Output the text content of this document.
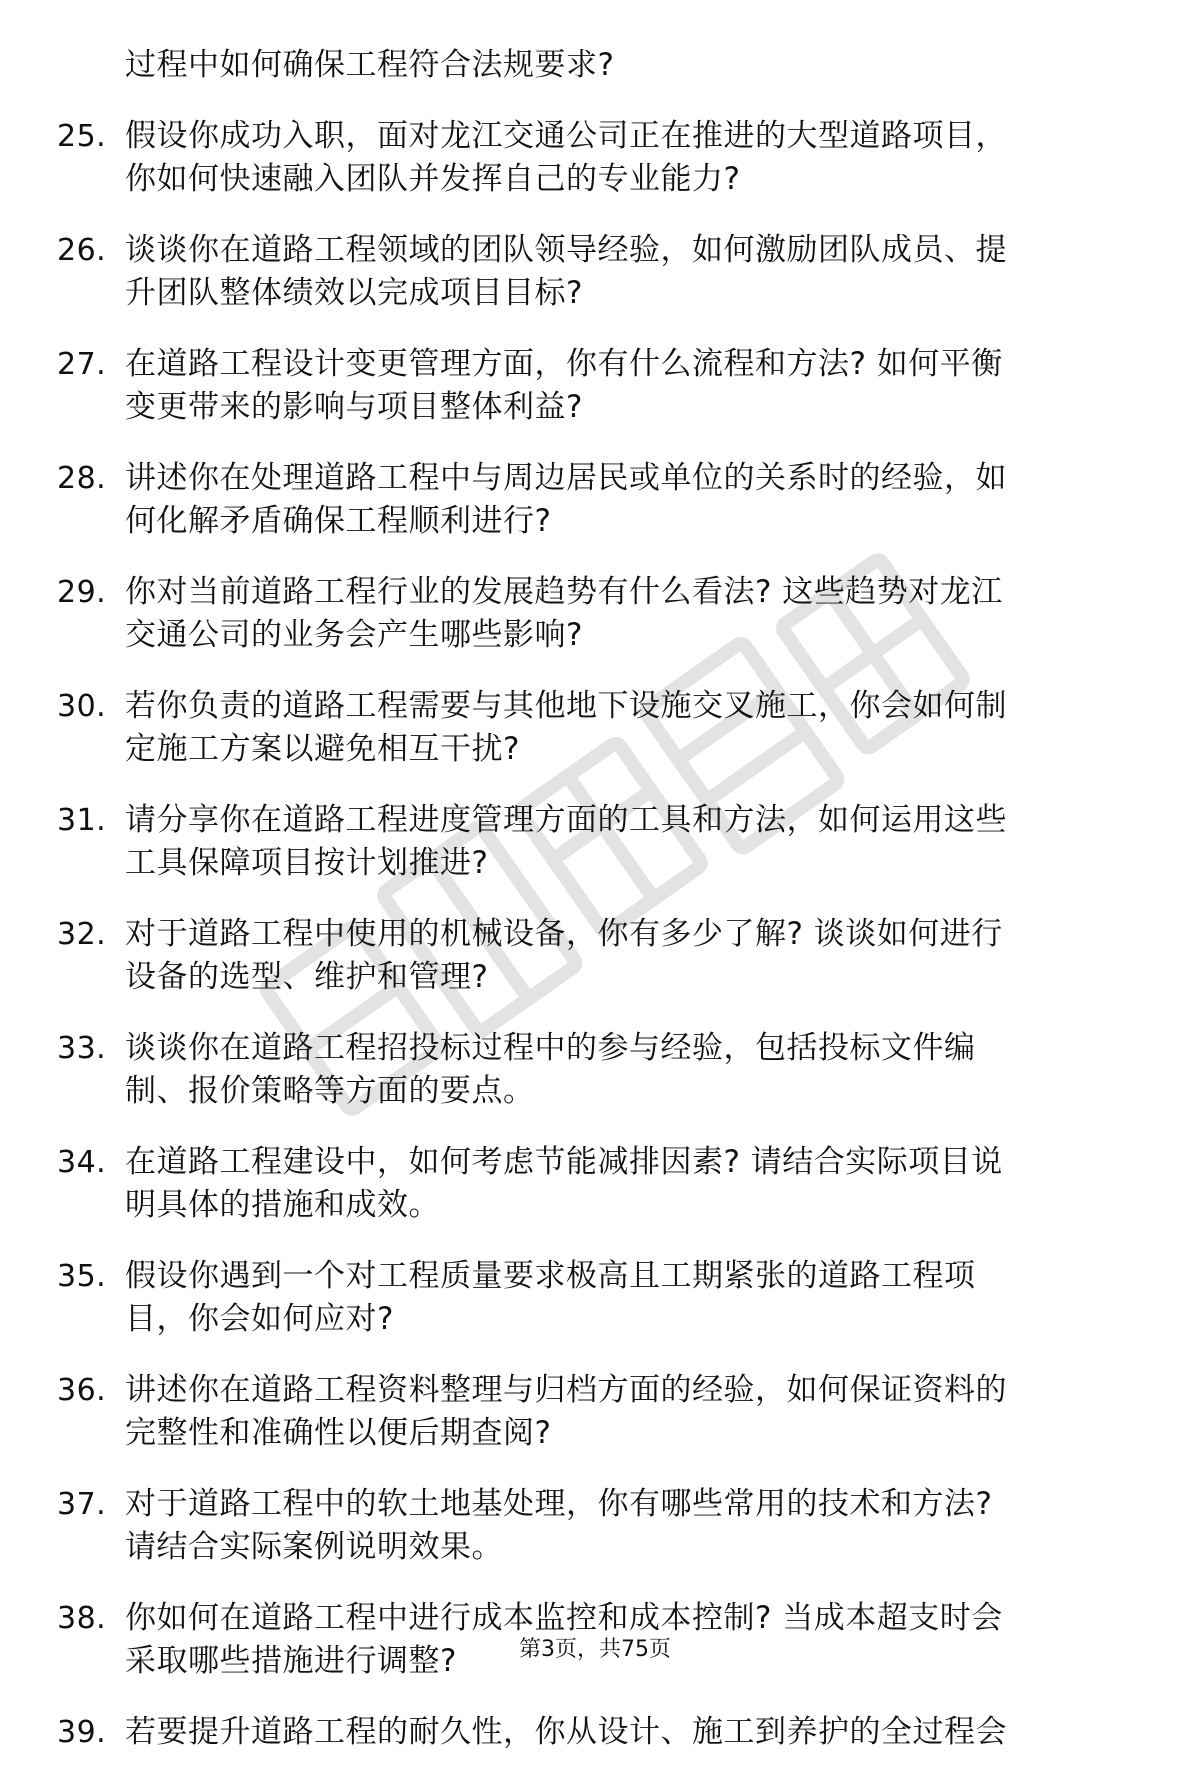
过程中如何确保工程符合法规要求?
25. 假设你成功入职，面对龙江交通公司正在推进的大型道路项目，
你如何快速融入团队并发挥自己的专业能力?
26. 谈谈你在道路工程领域的团队领导经验，如何激励团队成员、提
升团队整体绩效以完成项目目标?
27. 在道路工程设计变更管理方面，你有什么流程和方法? 如何平衡
变更带来的影响与项目整体利益?
28. 讲述你在处理道路工程中与周边居民或单位的关系时的经验，如
何化解矛盾确保工程顺利进行?
29. 你对当前道路工程行业的发展趋势有什么看法? 这些趋势对龙江
交通公司的业务会产生哪些影响?
30. 若你负责的道路工程需要与其他地下设施交叉施工，你会如何制
定施工方案以避免相互干扰?
31. 请分享你在道路工程进度管理方面的工具和方法，如何运用这些
工具保障项目按计划推进?
32. 对于道路工程中使用的机械设备，你有多少了解? 谈谈如何进行
设备的选型、维护和管理?
33. 谈谈你在道路工程招投标过程中的参与经验，包括投标文件编
制、报价策略等方面的要点。
34. 在道路工程建设中，如何考虑节能减排因素? 请结合实际项目说
明具体的措施和成效。
35. 假设你遇到一个对工程质量要求极高且工期紧张的道路工程项
目，你会如何应对?
36. 讲述你在道路工程资料整理与归档方面的经验，如何保证资料的
完整性和准确性以便后期查阅?
37. 对于道路工程中的软土地基处理，你有哪些常用的技术和方法?
请结合实际案例说明效果。
38. 你如何在道路工程中进行成本监控和成本控制? 当成本超支时会
采取哪些措施进行调整?
39. 若要提升道路工程的耐久性，你从设计、施工到养护的全过程会
第3页，共75页
